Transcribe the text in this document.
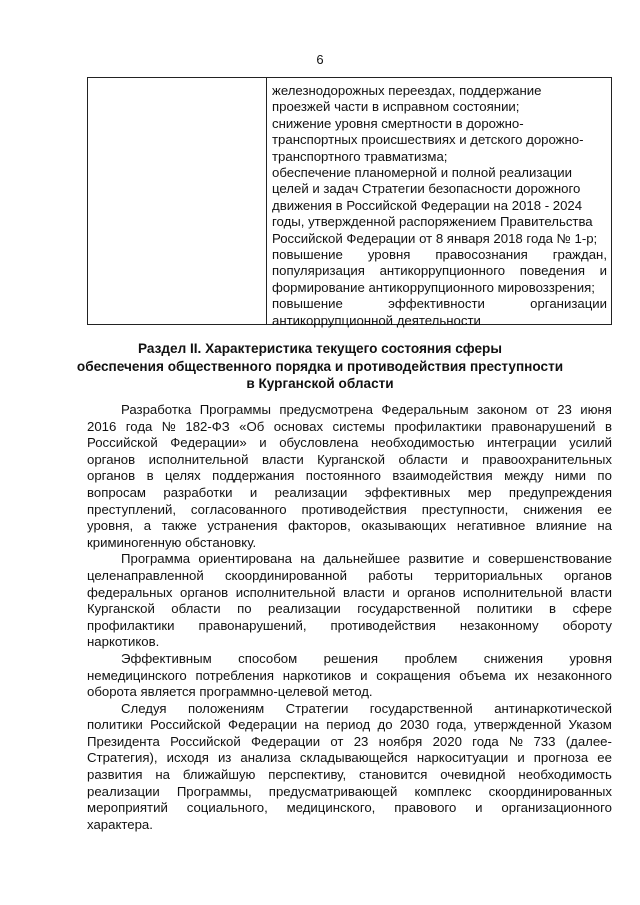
6
железнодорожных переездах, поддержание
проезжей части в исправном состоянии;
снижение уровня смертности в дорожно-
транспортных происшествиях и детского дорожно-
транспортного травматизма;
обеспечение планомерной и полной реализации
целей и задач Стратегии безопасности дорожного
движения в Российской Федерации на 2018 - 2024
годы, утвержденной распоряжением Правительства
Российской Федерации от 8 января 2018 года № 1-р;
повышение уровня правосознания граждан,
популяризация антикоррупционного поведения и
формирование антикоррупционного мировоззрения;
повышение	эффективности	организации
антикоррупционной деятельности
Раздел II. Характеристика текущего состояния сферы
обеспечения общественного порядка и противодействия преступности
в Курганской области
Разработка Программы предусмотрена Федеральным законом от 23 июня
2016 года № 182-ФЗ «Об основах системы профилактики правонарушений в
Российской Федерации» и обусловлена необходимостью интеграции усилий
органов исполнительной власти Курганской области и правоохранительных
органов в целях поддержания постоянного взаимодействия между ними по
вопросам разработки и реализации эффективных мер предупреждения
преступлений, согласованного противодействия преступности, снижения ее
уровня, а также устранения факторов, оказывающих негативное влияние на
криминогенную обстановку.
Программа ориентирована на дальнейшее развитие и совершенствование
целенаправленной скоординированной работы территориальных органов
федеральных органов исполнительной власти и органов исполнительной власти
Курганской области по реализации государственной политики в сфере
профилактики правонарушений, противодействия незаконному обороту
наркотиков.
Эффективным способом решения проблем снижения уровня
немедицинского потребления наркотиков и сокращения объема их незаконного
оборота является программно-целевой метод.
Следуя положениям Стратегии государственной антинаркотической
политики Российской Федерации на период до 2030 года, утвержденной Указом
Президента Российской Федерации от 23 ноября 2020 года № 733 (далее-
Стратегия), исходя из анализа складывающейся наркоситуации и прогноза ее
развития на ближайшую перспективу, становится очевидной необходимость
реализации Программы, предусматривающей комплекс скоординированных
мероприятий социального, медицинского, правового и организационного
характера.
